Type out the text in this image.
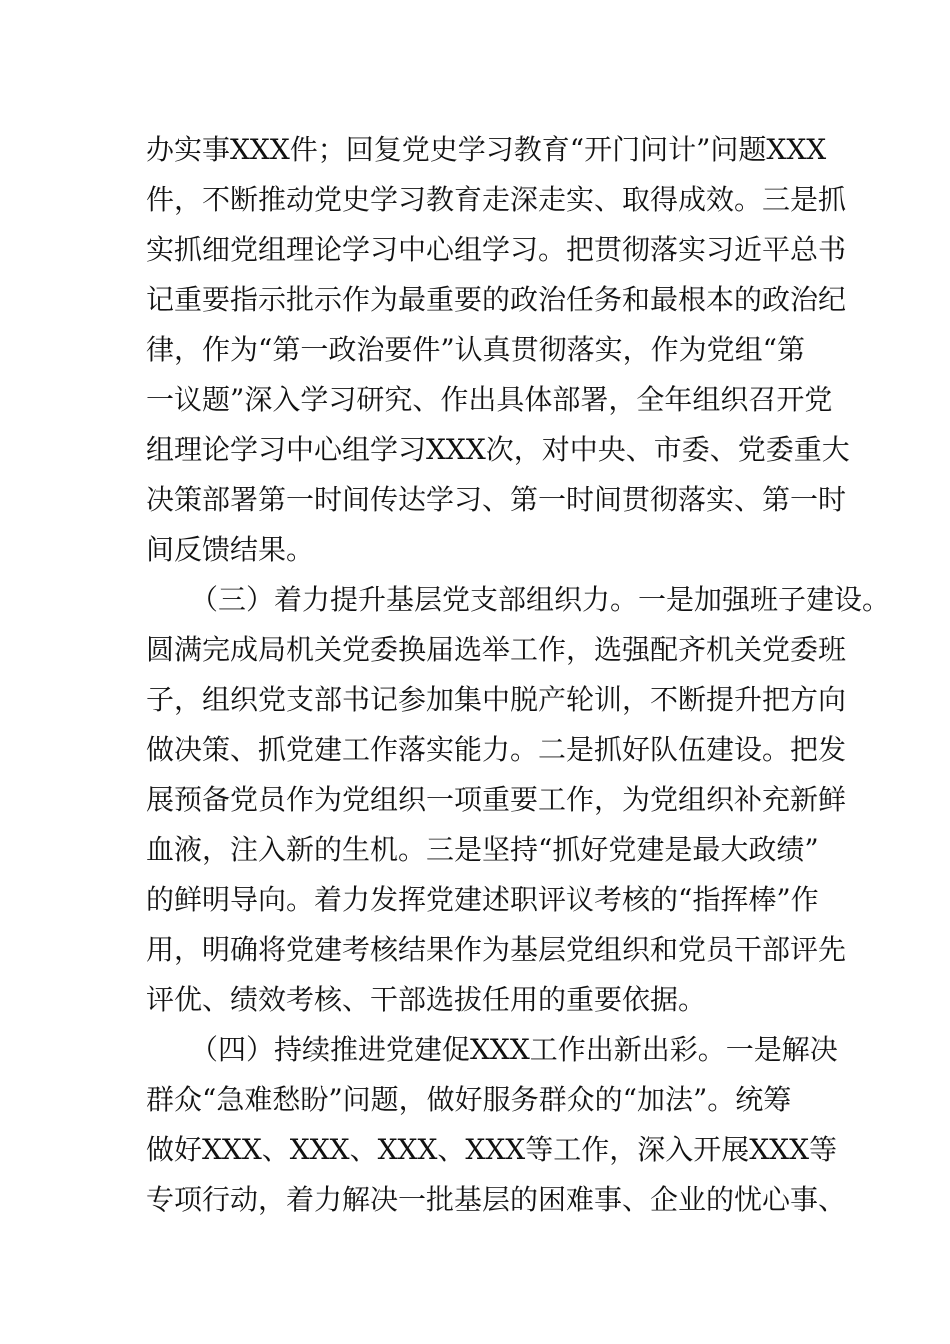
办实事XXX件；回复党史学习教育“开门问计”问题XXX
件，不断推动党史学习教育走深走实、取得成效。三是抓
实抓细党组理论学习中心组学习。把贯彻落实习近平总书
记重要指示批示作为最重要的政治任务和最根本的政治纪
律，作为“第一政治要件”认真贯彻落实，作为党组“第
一议题”深入学习研究、作出具体部署，全年组织召开党
组理论学习中心组学习XXX次，对中央、市委、党委重大
决策部署第一时间传达学习、第一时间贯彻落实、第一时
间反馈结果。
（三）着力提升基层党支部组织力。一是加强班子建设。
圆满完成局机关党委换届选举工作，选强配齐机关党委班
子，组织党支部书记参加集中脱产轮训，不断提升把方向
做决策、抓党建工作落实能力。二是抓好队伍建设。把发
展预备党员作为党组织一项重要工作，为党组织补充新鲜
血液，注入新的生机。三是坚持“抓好党建是最大政绩”
的鲜明导向。着力发挥党建述职评议考核的“指挥棒”作
用，明确将党建考核结果作为基层党组织和党员干部评先
评优、绩效考核、干部选拔任用的重要依据。
（四）持续推进党建促XXX工作出新出彩。一是解决
群众“急难愁盼”问题，做好服务群众的“加法”。统筹
做好XXX、XXX、XXX、XXX等工作，深入开展XXX等
专项行动，着力解决一批基层的困难事、企业的忧心事、
